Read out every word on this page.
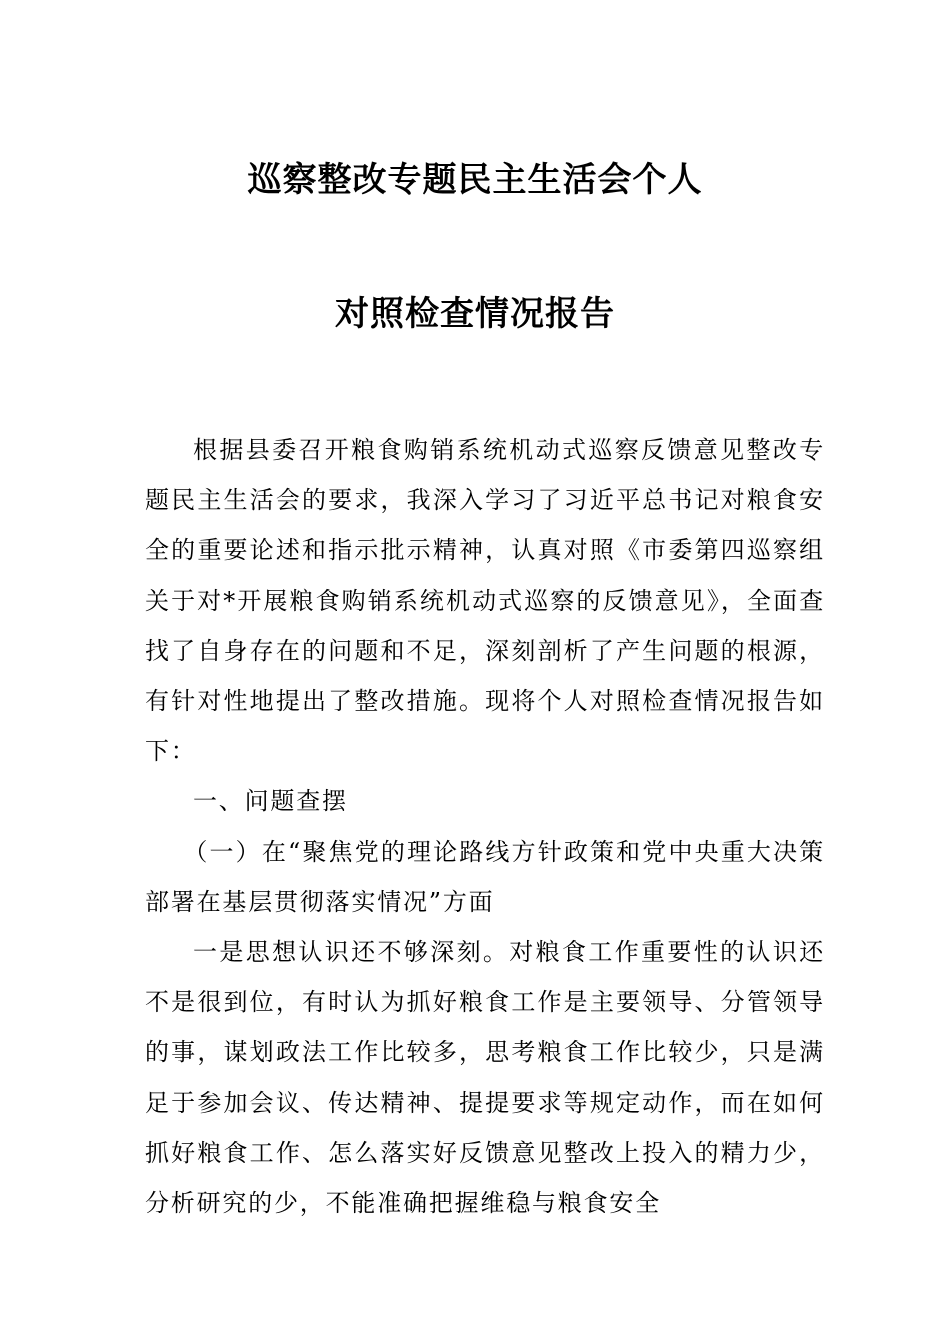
巡察整改专题民主生活会个人
对照检查情况报告

根据县委召开粮食购销系统机动式巡察反馈意见整改专题民主生活会的要求，我深入学习了习近平总书记对粮食安全的重要论述和指示批示精神，认真对照《市委第四巡察组关于对*开展粮食购销系统机动式巡察的反馈意见》，全面查找了自身存在的问题和不足，深刻剖析了产生问题的根源，有针对性地提出了整改措施。现将个人对照检查情况报告如下：

一、问题查摆

（一）在“聚焦党的理论路线方针政策和党中央重大决策部署在基层贯彻落实情况”方面

一是思想认识还不够深刻。对粮食工作重要性的认识还不是很到位，有时认为抓好粮食工作是主要领导、分管领导的事，谋划政法工作比较多，思考粮食工作比较少，只是满足于参加会议、传达精神、提提要求等规定动作，而在如何抓好粮食工作、怎么落实好反馈意见整改上投入的精力少，分析研究的少，不能准确把握维稳与粮食安全
